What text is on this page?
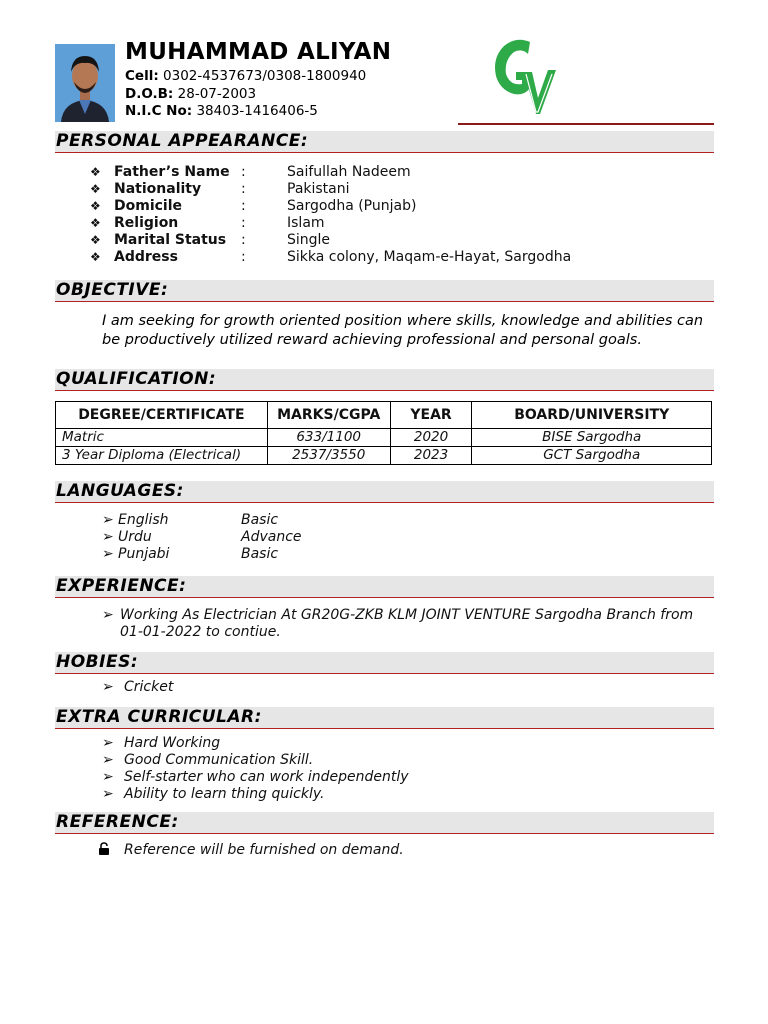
MUHAMMAD ALIYAN
Cell: 0302-4537673/0308-1800940
D.O.B: 28-07-2003
N.I.C No: 38403-1416406-5
PERSONAL APPEARANCE:
❖ Father’s Name :	Saifullah Nadeem
❖ Nationality	:	Pakistani
❖ Domicile	:	Sargodha (Punjab)
❖ Religion	:	Islam
❖ Marital Status	:	Single
❖ Address	:	Sikka colony, Maqam-e-Hayat, Sargodha
OBJECTIVE:
I am seeking for growth oriented position where skills, knowledge and abilities can be productively utilized reward achieving professional and personal goals.
QUALIFICATION:
DEGREE/CERTIFICATE	MARKS/CGPA	YEAR	BOARD/UNIVERSITY
Matric	633/1100	2020	BISE Sargodha
3 Year Diploma (Electrical)	2537/3550	2023	GCT Sargodha
LANGUAGES:
➢ English	Basic
➢ Urdu	Advance
➢ Punjabi	Basic
EXPERIENCE:
➢ Working As Electrician At GR20G-ZKB KLM JOINT VENTURE Sargodha Branch from 01-01-2022 to contiue.
HOBIES:
➢ Cricket
EXTRA CURRICULAR:
➢ Hard Working
➢ Good Communication Skill.
➢ Self-starter who can work independently
➢ Ability to learn thing quickly.
REFERENCE:
Reference will be furnished on demand.
